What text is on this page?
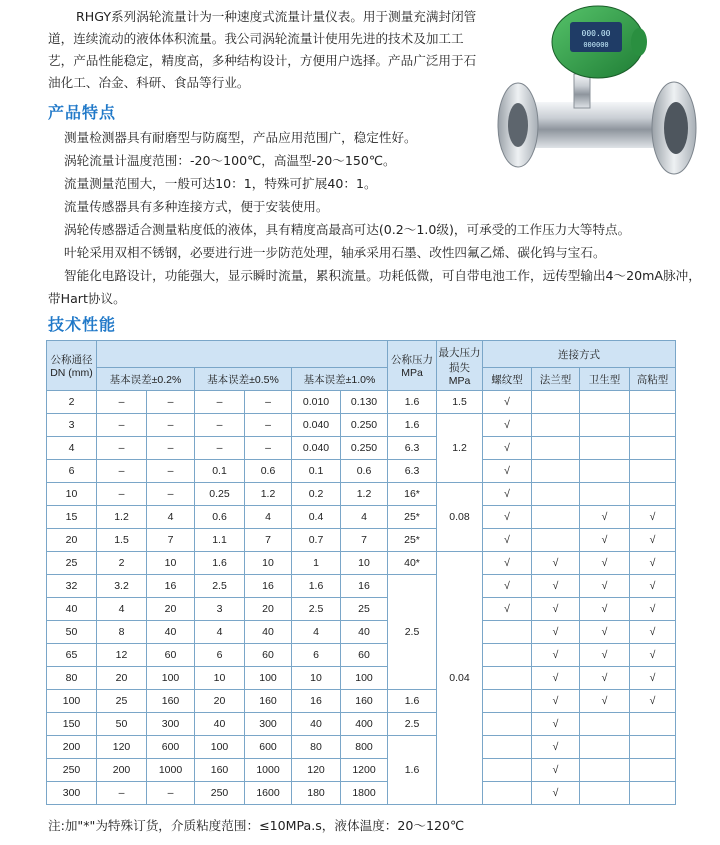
RHGY系列涡轮流量计为一种速度式流量计量仪表。用于测量充满封闭管道，连续流动的液体体积流量。我公司涡轮流量计使用先进的技术及加工工艺，产品性能稳定，精度高，多种结构设计，方便用户选择。产品广泛用于石油化工、冶金、科研、食品等行业。
000.00
000000
产品特点

测量检测器具有耐磨型与防腐型，产品应用范围广，稳定性好。

涡轮流量计温度范围：-20～100℃，高温型-20～150℃。

流量测量范围大，一般可达10：1，特殊可扩展40：1。

流量传感器具有多种连接方式，便于安装使用。

涡轮传感器适合测量粘度低的液体，具有精度高最高可达(0.2～1.0级)，可承受的工作压力大等特点。

叶轮采用双相不锈钢，必要进行进一步防范处理，轴承采用石墨、改性四氟乙烯、碳化钨与宝石。

智能化电路设计，功能强大，显示瞬时流量，累积流量。功耗低微，可自带电池工作，远传型输出4～20mA脉冲，带Hart协议。

技术性能
公称通径DN (mm)							公称压力 MPa	最大压力损失 MPa	连接方式			
	基本误差±0.2%		基本误差±0.5%		基本误差±1.0%				螺纹型	法兰型	卫生型	高粘型
2	–	–	–	–	0.010	0.130	1.6	1.5	√			
3	–	–	–	–	0.040	0.250	1.6	1.2	√			
4	–	–	–	–	0.040	0.250	6.3		√			
6	–	–	0.1	0.6	0.1	0.6	6.3		√			
10	–	–	0.25	1.2	0.2	1.2	16*	0.08	√			
15	1.2	4	0.6	4	0.4	4	25*		√		√	√
20	1.5	7	1.1	7	0.7	7	25*		√		√	√
25	2	10	1.6	10	1	10	40*	0.04	√	√	√	√
32	3.2	16	2.5	16	1.6	16	2.5		√	√	√	√
40	4	20	3	20	2.5	25			√	√	√	√
50	8	40	4	40	4	40				√	√	√
65	12	60	6	60	6	60				√	√	√
80	20	100	10	100	10	100				√	√	√
100	25	160	20	160	16	160	1.6			√	√	√
150	50	300	40	300	40	400	2.5			√		
200	120	600	100	600	80	800	1.6			√		
250	200	1000	160	1000	120	1200				√		
300	–	–	250	1600	180	1800				√		
注:加"*"为特殊订货，介质粘度范围：≤10MPa.s，液体温度：20～120℃
